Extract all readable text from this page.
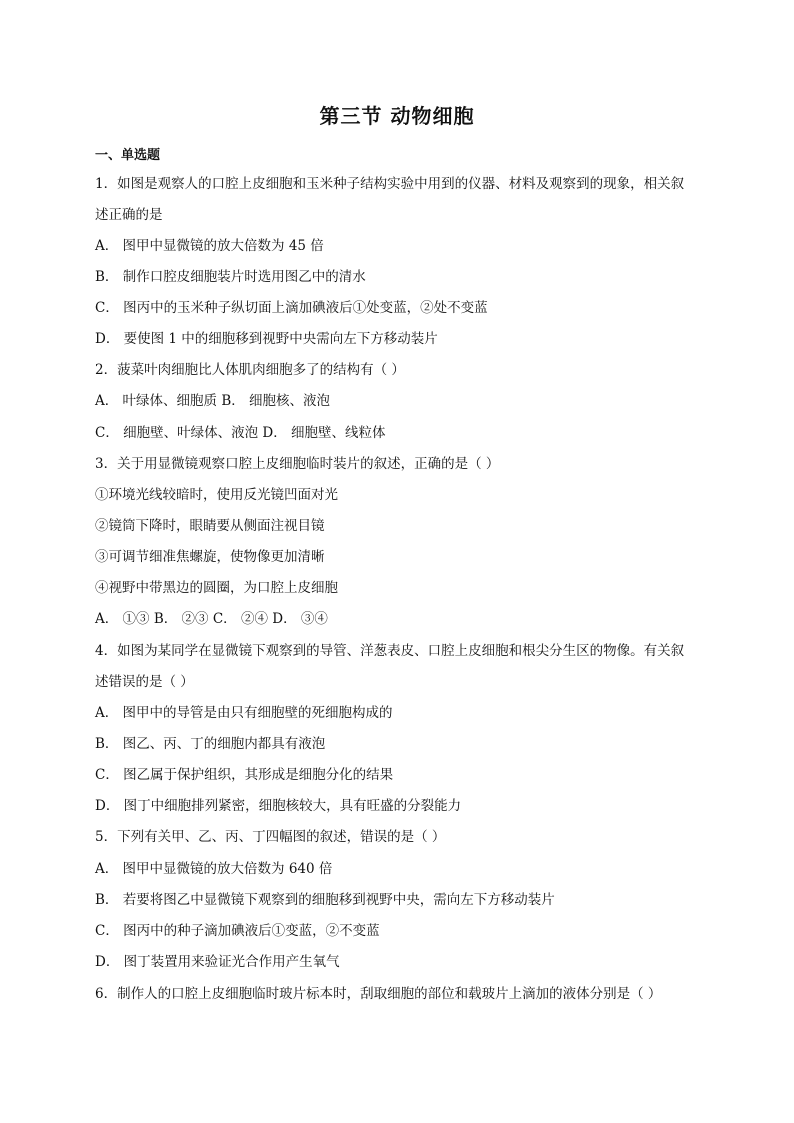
第三节 动物细胞
一、单选题
1．如图是观察人的口腔上皮细胞和玉米种子结构实验中用到的仪器、材料及观察到的现象，相关叙
述正确的是
A． 图甲中显微镜的放大倍数为 45 倍
B． 制作口腔皮细胞装片时选用图乙中的清水
C． 图丙中的玉米种子纵切面上滴加碘液后①处变蓝，②处不变蓝
D． 要使图 1 中的细胞移到视野中央需向左下方移动装片
2．菠菜叶肉细胞比人体肌肉细胞多了的结构有（ ）
A． 叶绿体、细胞质 B． 细胞核、液泡
C． 细胞壁、叶绿体、液泡 D． 细胞壁、线粒体
3．关于用显微镜观察口腔上皮细胞临时装片的叙述，正确的是（ ）
①环境光线较暗时，使用反光镜凹面对光
②镜筒下降时，眼睛要从侧面注视目镜
③可调节细准焦螺旋，使物像更加清晰
④视野中带黑边的圆圈，为口腔上皮细胞
A． ①③ B． ②③ C． ②④ D． ③④
4．如图为某同学在显微镜下观察到的导管、洋葱表皮、口腔上皮细胞和根尖分生区的物像。有关叙
述错误的是（ ）
A． 图甲中的导管是由只有细胞壁的死细胞构成的
B． 图乙、丙、丁的细胞内都具有液泡
C． 图乙属于保护组织，其形成是细胞分化的结果
D． 图丁中细胞排列紧密，细胞核较大，具有旺盛的分裂能力
5．下列有关甲、乙、丙、丁四幅图的叙述，错误的是（ ）
A． 图甲中显微镜的放大倍数为 640 倍
B． 若要将图乙中显微镜下观察到的细胞移到视野中央，需向左下方移动装片
C． 图丙中的种子滴加碘液后①变蓝，②不变蓝
D． 图丁装置用来验证光合作用产生氧气
6．制作人的口腔上皮细胞临时玻片标本时，刮取细胞的部位和载玻片上滴加的液体分别是（ ）
